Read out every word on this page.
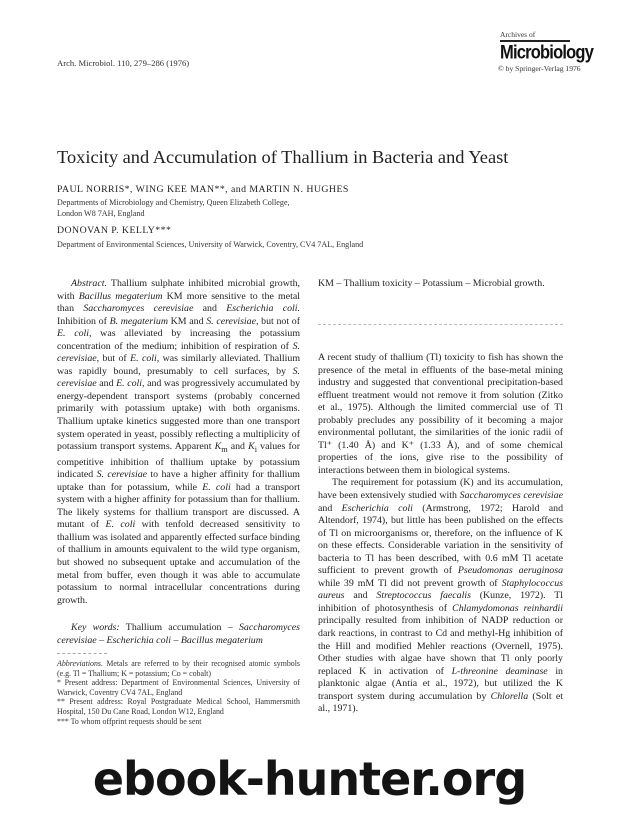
Arch. Microbiol. 110, 279–286 (1976)
Archives of
Microbiology
© by Springer-Verlag 1976
Toxicity and Accumulation of Thallium in Bacteria and Yeast
PAUL NORRIS*, WING KEE MAN**, and MARTIN N. HUGHES
Departments of Microbiology and Chemistry, Queen Elizabeth College,
London W8 7AH, England
DONOVAN P. KELLY***
Department of Environmental Sciences, University of Warwick, Coventry, CV4 7AL, England

Abstract. Thallium sulphate inhibited microbial growth, with Bacillus megaterium KM more sensitive to the metal than Saccharomyces cerevisiae and Escherichia coli. Inhibition of B. megaterium KM and S. cerevisiae, but not of E. coli, was alleviated by increasing the potassium concentration of the medium; inhibition of respiration of S. cerevisiae, but of E. coli, was similarly alleviated. Thallium was rapidly bound, presumably to cell surfaces, by S. cerevisiae and E. coli, and was progressively accumulated by energy-dependent transport systems (probably concerned primarily with potassium uptake) with both organisms. Thallium uptake kinetics suggested more than one transport system operated in yeast, possibly reflecting a multiplicity of potassium transport systems. Apparent $K_m$ and $K_i$ values for competitive inhibition of thallium uptake by potassium indicated S. cerevisiae to have a higher affinity for thallium uptake than for potassium, while E. coli had a transport system with a higher affinity for potassium than for thallium. The likely systems for thallium transport are discussed. A mutant of E. coli with tenfold decreased sensitivity to thallium was isolated and apparently effected surface binding of thallium in amounts equivalent to the wild type organism, but showed no subsequent uptake and accumulation of the metal from buffer, even though it was able to accumulate potassium to normal intracellular concentrations during growth.

Key words: Thallium accumulation – Saccharomyces cerevisiae – Escherichia coli – Bacillus megaterium

Abbreviations. Metals are referred to by their recognised atomic symbols (e.g. Tl = Thallium; K = potassium; Co = cobalt)

* Present address: Department of Environmental Sciences, University of Warwick, Coventry CV4 7AL, England

** Present address: Royal Postgraduate Medical School, Hammersmith Hospital, 150 Du Cane Road, London W12, England

*** To whom offprint requests should be sent

KM – Thallium toxicity – Potassium – Microbial growth.

A recent study of thallium (Tl) toxicity to fish has shown the presence of the metal in effluents of the base-metal mining industry and suggested that conventional precipitation-based effluent treatment would not remove it from solution (Zitko et al., 1975). Although the limited commercial use of Tl probably precludes any possibility of it becoming a major environmental pollutant, the similarities of the ionic radii of Tl⁺ (1.40 Å) and K⁺ (1.33 Å), and of some chemical properties of the ions, give rise to the possibility of interactions between them in biological systems.

The requirement for potassium (K) and its accumulation, have been extensively studied with Saccharomyces cerevisiae and Escherichia coli (Armstrong, 1972; Harold and Altendorf, 1974), but little has been published on the effects of Tl on microorganisms or, therefore, on the influence of K on these effects. Considerable variation in the sensitivity of bacteria to Tl has been described, with 0.6 mM Tl acetate sufficient to prevent growth of Pseudomonas aeruginosa while 39 mM Tl did not prevent growth of Staphylococcus aureus and Streptococcus faecalis (Kunze, 1972). Tl inhibition of photosynthesis of Chlamydomonas reinhardii principally resulted from inhibition of NADP reduction or dark reactions, in contrast to Cd and methyl-Hg inhibition of the Hill and modified Mehler reactions (Overnell, 1975). Other studies with algae have shown that Tl only poorly replaced K in activation of L-threonine deaminase in planktonic algae (Antia et al., 1972), but utilized the K transport system during accumulation by Chlorella (Solt et al., 1971).

ebook-hunter.org
